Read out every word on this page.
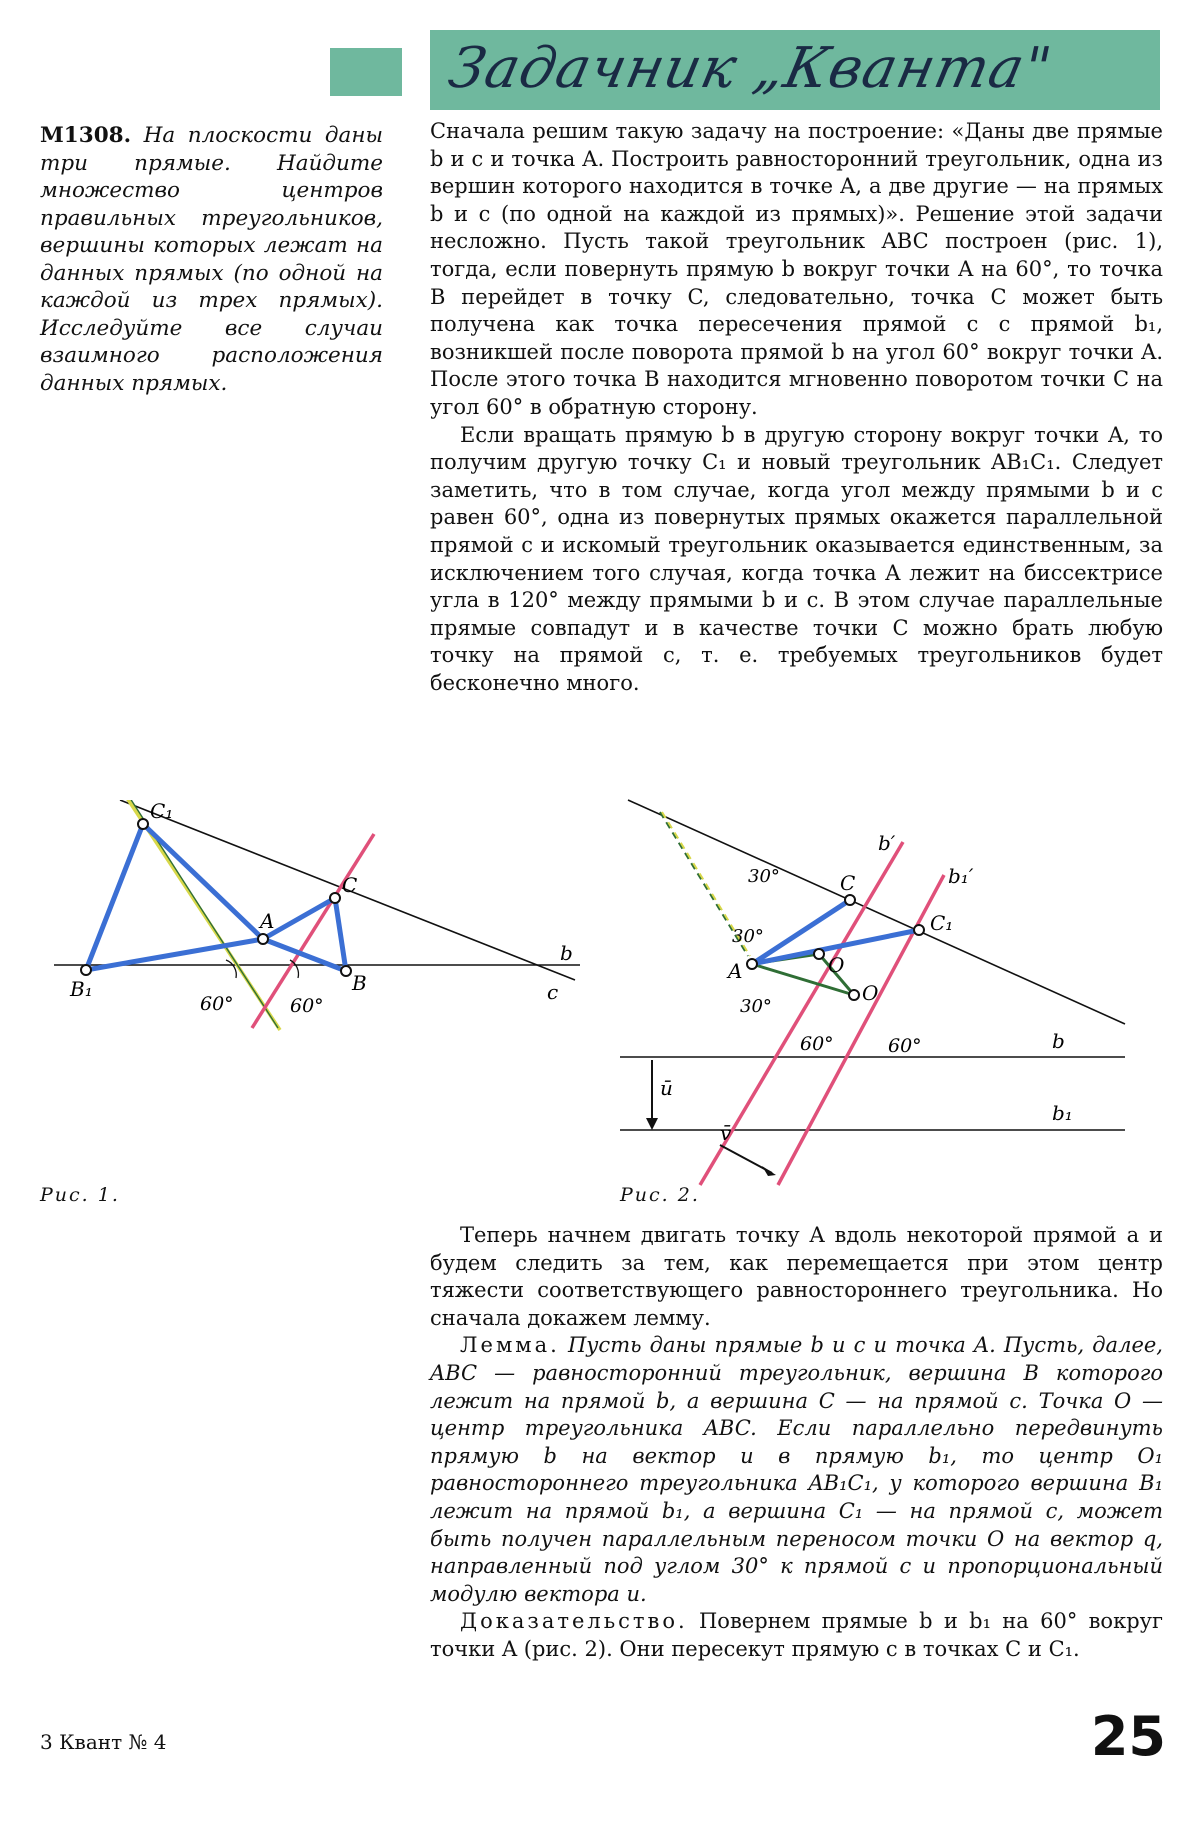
Задачник „Кванта"
М1308. На плоскости даны три прямые. Найдите множество центров правильных треугольников, вершины которых лежат на данных прямых (по одной на каждой из трех прямых). Исследуйте все случаи взаимного расположения данных прямых.

Сначала решим такую задачу на построение: «Даны две прямые b и c и точка A. Построить равносторонний треугольник, одна из вершин которого находится в точке A, а две другие — на прямых b и c (по одной на каждой из прямых)». Решение этой задачи несложно. Пусть такой треугольник ABC построен (рис. 1), тогда, если повернуть прямую b вокруг точки A на 60°, то точка B перейдет в точку C, следовательно, точка C может быть получена как точка пересечения прямой c с прямой b₁, возникшей после поворота прямой b на угол 60° вокруг точки A. После этого точка B находится мгновенно поворотом точки C на угол 60° в обратную сторону.

Если вращать прямую b в другую сторону вокруг точки A, то получим другую точку C₁ и новый треугольник AB₁C₁. Следует заметить, что в том случае, когда угол между прямыми b и c равен 60°, одна из повернутых прямых окажется параллельной прямой c и искомый треугольник оказывается единственным, за исключением того случая, когда точка A лежит на биссектрисе угла в 120° между прямыми b и c. В этом случае параллельные прямые совпадут и в качестве точки C можно брать любую точку на прямой c, т. е. требуемых треугольников будет бесконечно много.

C₁
C
A
B
B₁
b
c
60°	60°
Рис. 1.
b′
b₁′
C
C₁
A	O
O
30°
30°
30°
60°	60°	b
b₁
ū
v̄
Рис. 2.

Теперь начнем двигать точку A вдоль некоторой прямой a и будем следить за тем, как перемещается при этом центр тяжести соответствующего равностороннего треугольника. Но сначала докажем лемму.

Лемма. Пусть даны прямые b и c и точка A. Пусть, далее, ABC — равносторонний треугольник, вершина B которого лежит на прямой b, а вершина C — на прямой c. Точка O — центр треугольника ABC. Если параллельно передвинуть прямую b на вектор u в прямую b₁, то центр O₁ равностороннего треугольника AB₁C₁, у которого вершина B₁ лежит на прямой b₁, а вершина C₁ — на прямой c, может быть получен параллельным переносом точки O на вектор q, направленный под углом 30° к прямой c и пропорциональный модулю вектора u.

Доказательство. Повернем прямые b и b₁ на 60° вокруг точки A (рис. 2). Они пересекут прямую c в точках C и C₁.

3 Квант № 4	25
